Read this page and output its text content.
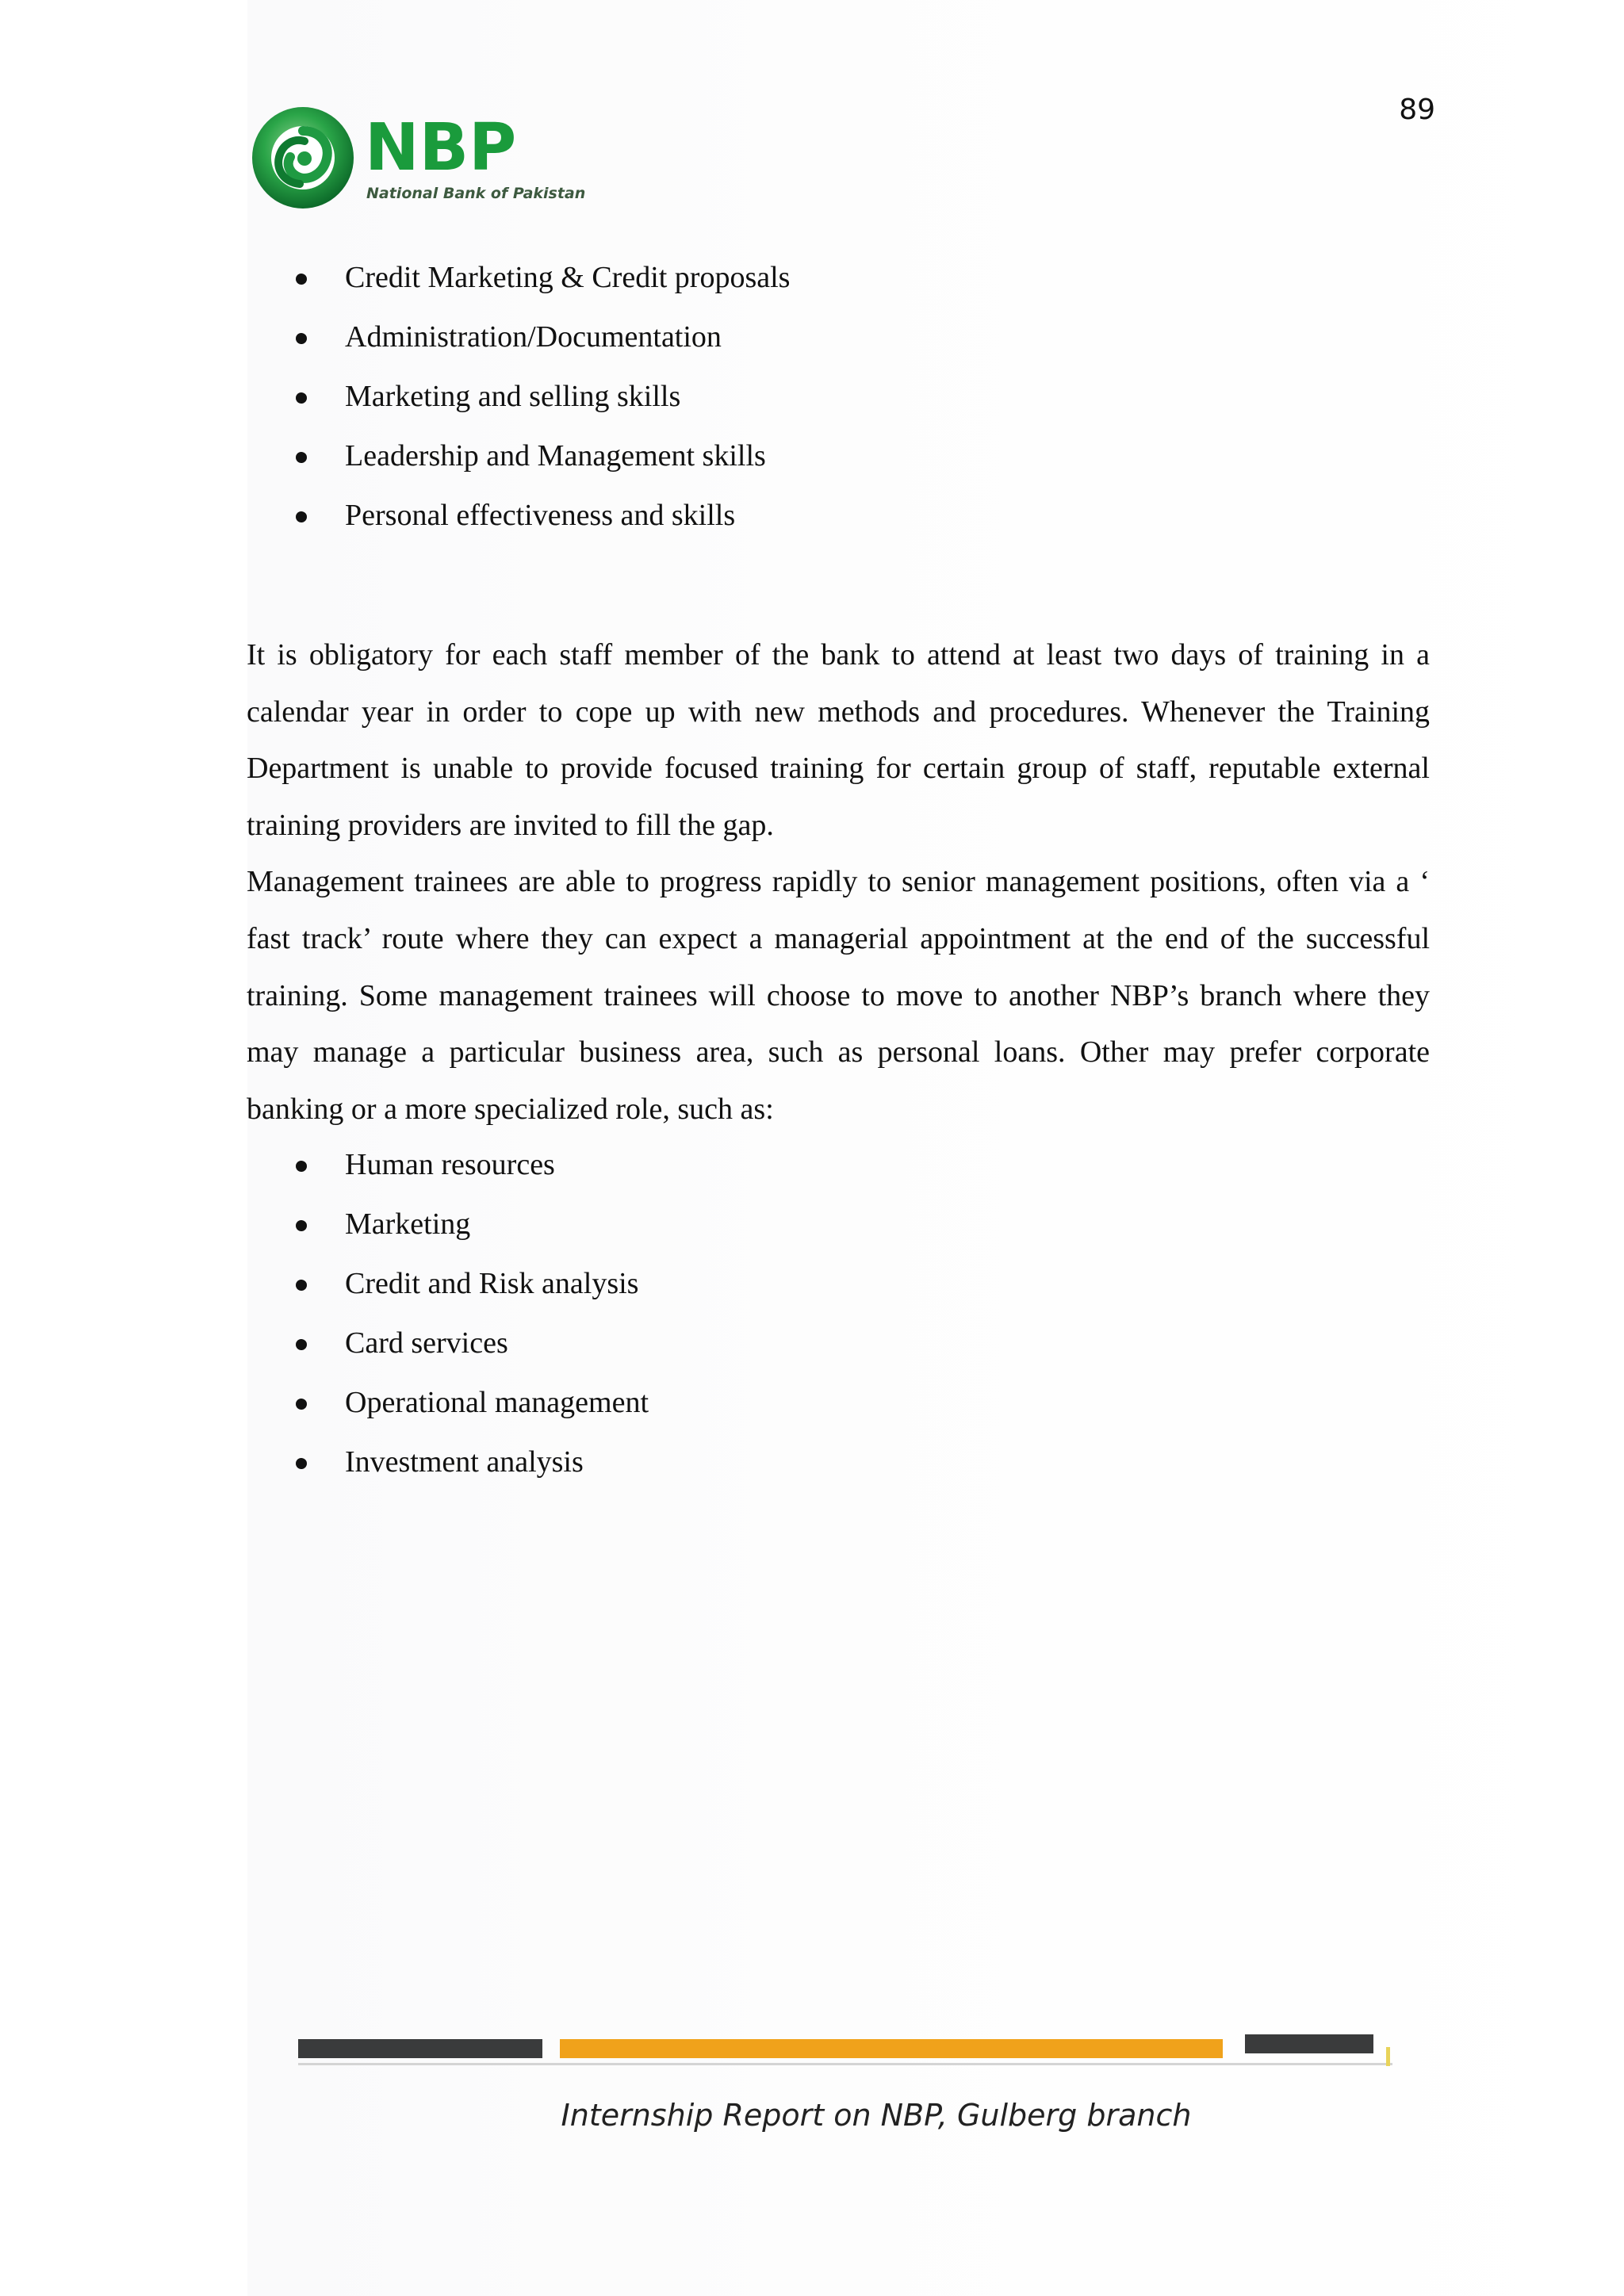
89
NBP
National Bank of Pakistan
Credit Marketing & Credit proposals
Administration/Documentation
Marketing and selling skills
Leadership and Management skills
Personal effectiveness and skills

It is obligatory for each staff member of the bank to attend at least two days of training in a calendar year in order to cope up with new methods and procedures. Whenever the Training Department is unable to provide focused training for certain group of staff, reputable external training providers are invited to fill the gap.

Management trainees are able to progress rapidly to senior management positions, often via a ‘ fast track’ route where they can expect a managerial appointment at the end of the successful training. Some management trainees will choose to move to another NBP’s branch where they may manage a particular business area, such as personal loans. Other may prefer corporate banking or a more specialized role, such as:

Human resources
Marketing
Credit and Risk analysis
Card services
Operational management
Investment analysis
Internship Report on NBP, Gulberg branch
